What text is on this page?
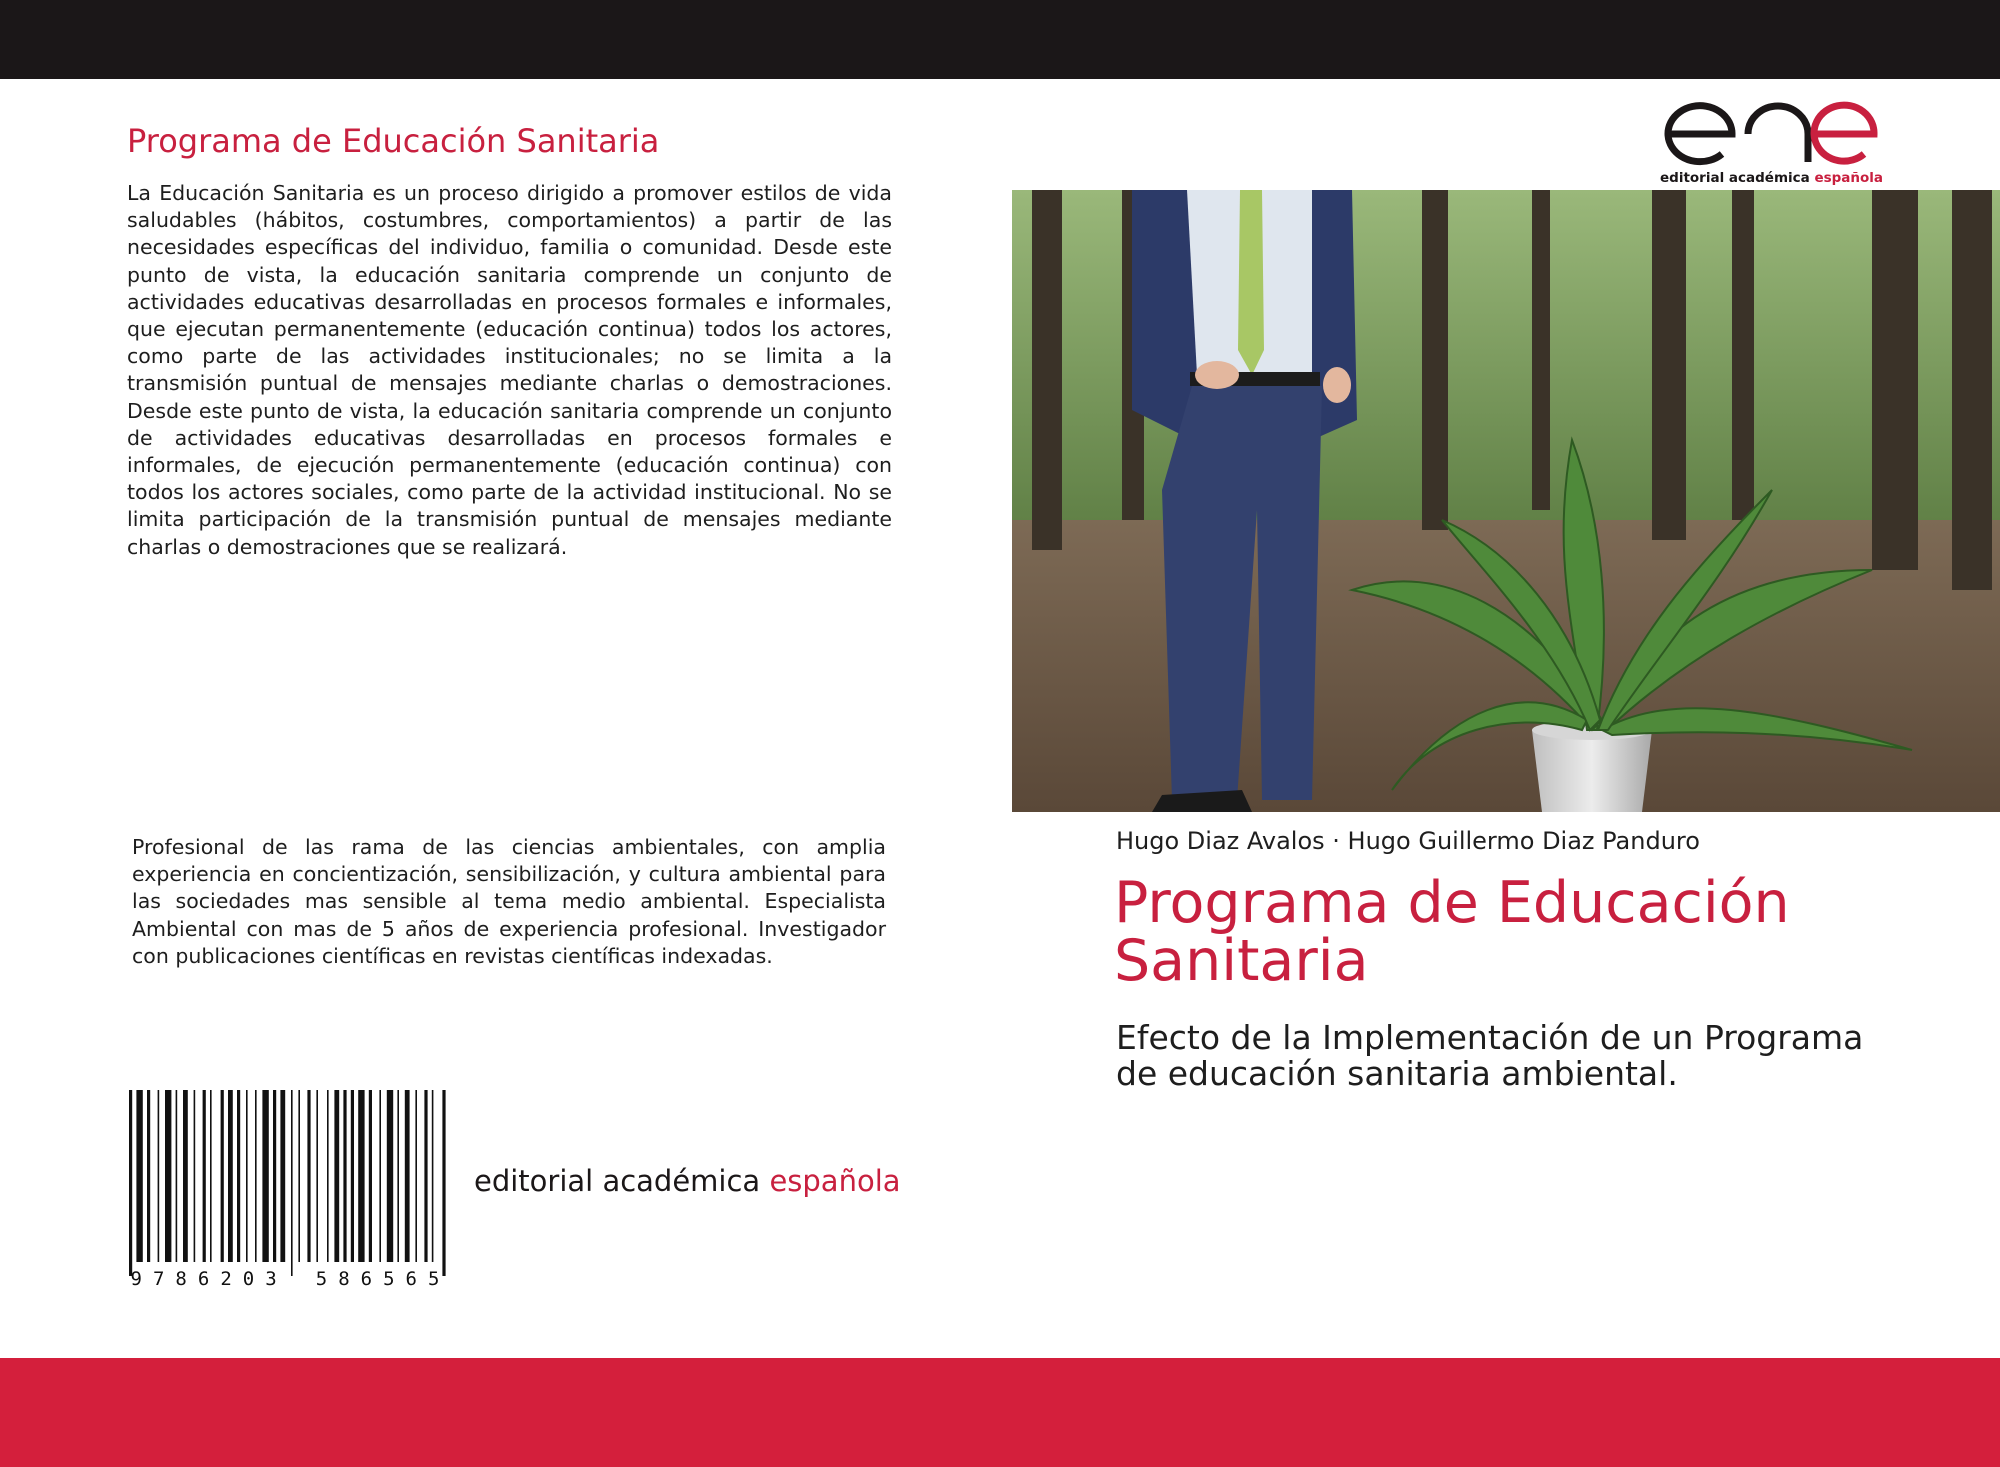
Programa de Educación Sanitaria

La Educación Sanitaria es un proceso dirigido a promover estilos de vida saludables (hábitos, costumbres, comportamientos) a partir de las necesidades específicas del individuo, familia o comunidad. Desde este punto de vista, la educación sanitaria comprende un conjunto de actividades educativas desarrolladas en procesos formales e informales, que ejecutan permanentemente (educación continua) todos los actores, como parte de las actividades institucionales; no se limita a la transmisión puntual de mensajes mediante charlas o demostraciones. Desde este punto de vista, la educación sanitaria comprende un conjunto de actividades educativas desarrolladas en procesos formales e informales, de ejecución permanentemente (educación continua) con todos los actores sociales, como parte de la actividad institucional. No se limita participación de la transmisión puntual de mensajes mediante charlas o demostraciones que se realizará.

Profesional de las rama de las ciencias ambientales, con amplia experiencia en concientización, sensibilización, y cultura ambiental para las sociedades mas sensible al tema medio ambiental. Especialista Ambiental con mas de 5 años de experiencia profesional. Investigador con publicaciones científicas en revistas científicas indexadas.

9 7 8 6 2 0 3 5 8 6 5 6 5
editorial académica española
editorial académica española
Hugo Diaz Avalos · Hugo Guillermo Diaz Panduro
Programa de Educación
Sanitaria

Efecto de la Implementación de un Programa de educación sanitaria ambiental.
